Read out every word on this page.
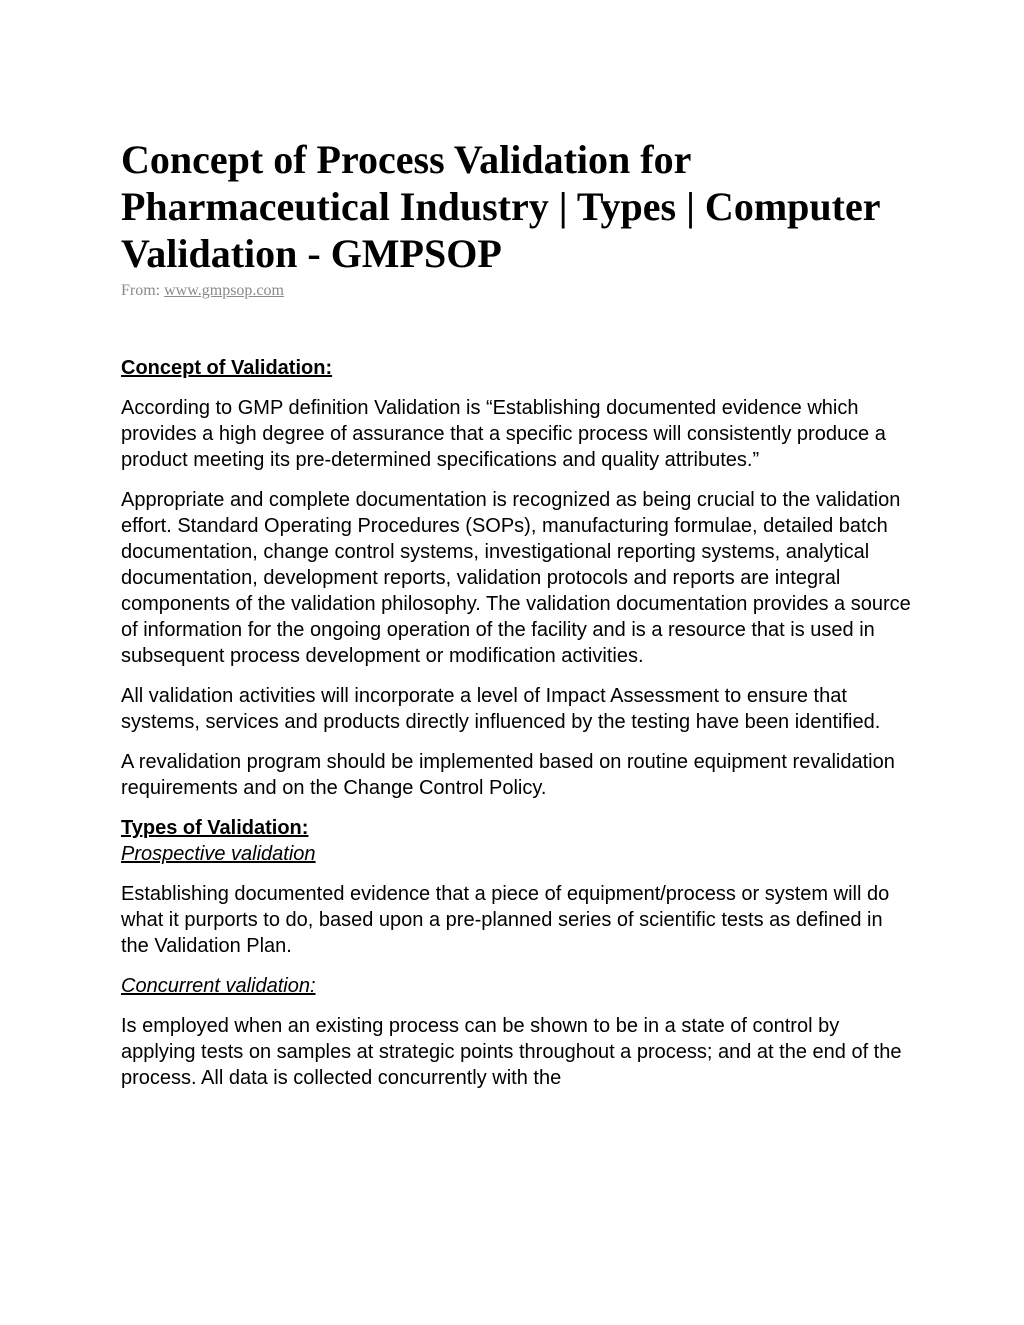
Concept of Process Validation for Pharmaceutical Industry | Types | Computer Validation - GMPSOP
From: www.gmpsop.com
Concept of Validation:

According to GMP definition Validation is “Establishing documented evidence which provides a high degree of assurance that a specific process will consistently produce a product meeting its pre-determined specifications and quality attributes.”

Appropriate and complete documentation is recognized as being crucial to the validation effort. Standard Operating Procedures (SOPs), manufacturing formulae, detailed batch documentation, change control systems, investigational reporting systems, analytical documentation, development reports, validation protocols and reports are integral components of the validation philosophy. The validation documentation provides a source of information for the ongoing operation of the facility and is a resource that is used in subsequent process development or modification activities.

All validation activities will incorporate a level of Impact Assessment to ensure that systems, services and products directly influenced by the testing have been identified.

A revalidation program should be implemented based on routine equipment revalidation requirements and on the Change Control Policy.

Types of Validation:
Prospective validation

Establishing documented evidence that a piece of equipment/process or system will do what it purports to do, based upon a pre-planned series of scientific tests as defined in the Validation Plan.

Concurrent validation:

Is employed when an existing process can be shown to be in a state of control by applying tests on samples at strategic points throughout a process; and at the end of the process. All data is collected concurrently with the
